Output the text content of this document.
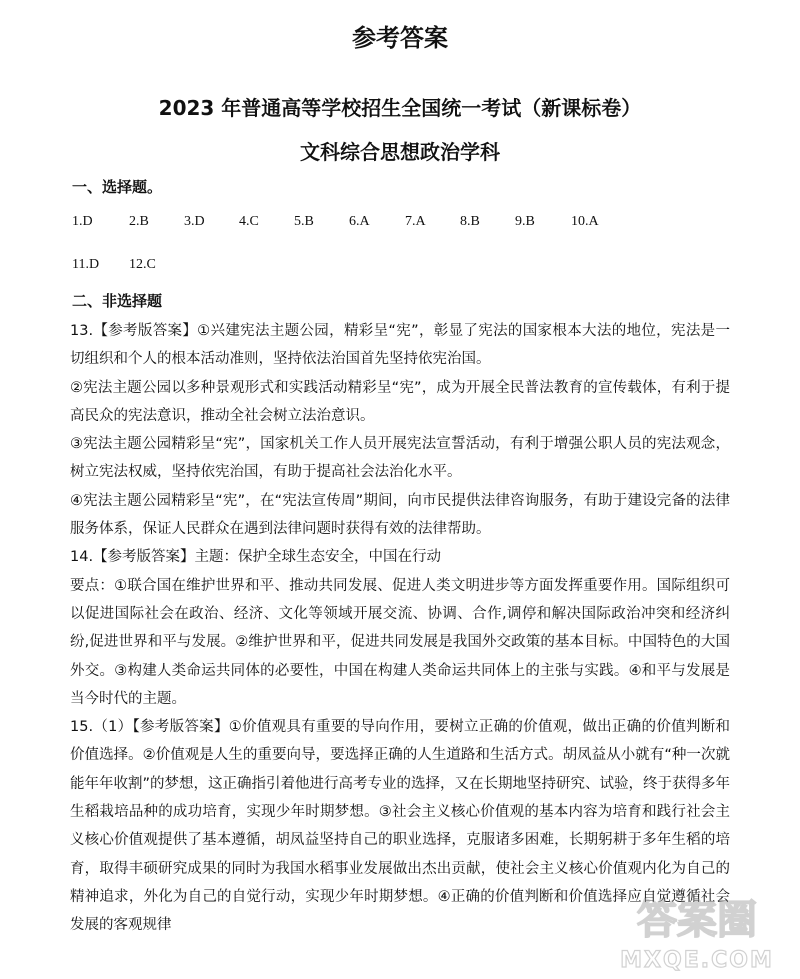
参考答案
2023 年普通高等学校招生全国统一考试（新课标卷）
文科综合思想政治学科
一、选择题。
1.D	2.B	3.D 4.C	5.B	6.A	7.A 8.B	9.B	10.A
11.D 12.C
二、非选择题

13.【参考版答案】①兴建宪法主题公园，精彩呈“宪”，彰显了宪法的国家根本大法的地位，宪法是一切组织和个人的根本活动准则，坚持依法治国首先坚持依宪治国。

②宪法主题公园以多种景观形式和实践活动精彩呈“宪”，成为开展全民普法教育的宣传载体，有利于提高民众的宪法意识，推动全社会树立法治意识。

③宪法主题公园精彩呈“宪”，国家机关工作人员开展宪法宣誓活动，有利于增强公职人员的宪法观念，树立宪法权威，坚持依宪治国，有助于提高社会法治化水平。

④宪法主题公园精彩呈“宪”，在“宪法宣传周”期间，向市民提供法律咨询服务，有助于建设完备的法律服务体系，保证人民群众在遇到法律问题时获得有效的法律帮助。

14.【参考版答案】主题：保护全球生态安全，中国在行动

要点：①联合国在维护世界和平、推动共同发展、促进人类文明进步等方面发挥重要作用。国际组织可以促进国际社会在政治、经济、文化等领域开展交流、协调、合作,调停和解决国际政治冲突和经济纠纷,促进世界和平与发展。②维护世界和平，促进共同发展是我国外交政策的基本目标。中国特色的大国外交。③构建人类命运共同体的必要性，中国在构建人类命运共同体上的主张与实践。④和平与发展是当今时代的主题。

15.（1）【参考版答案】①价值观具有重要的导向作用，要树立正确的价值观，做出正确的价值判断和价值选择。②价值观是人生的重要向导，要选择正确的人生道路和生活方式。胡凤益从小就有“种一次就能年年收割”的梦想，这正确指引着他进行高考专业的选择，又在长期地坚持研究、试验，终于获得多年生稻栽培品种的成功培育，实现少年时期梦想。③社会主义核心价值观的基本内容为培育和践行社会主义核心价值观提供了基本遵循，胡凤益坚持自己的职业选择，克服诸多困难，长期躬耕于多年生稻的培育，取得丰硕研究成果的同时为我国水稻事业发展做出杰出贡献，使社会主义核心价值观内化为自己的精神追求，外化为自己的自觉行动，实现少年时期梦想。④正确的价值判断和价值选择应自觉遵循社会发展的客观规律	答案圈
MXQE.COM
